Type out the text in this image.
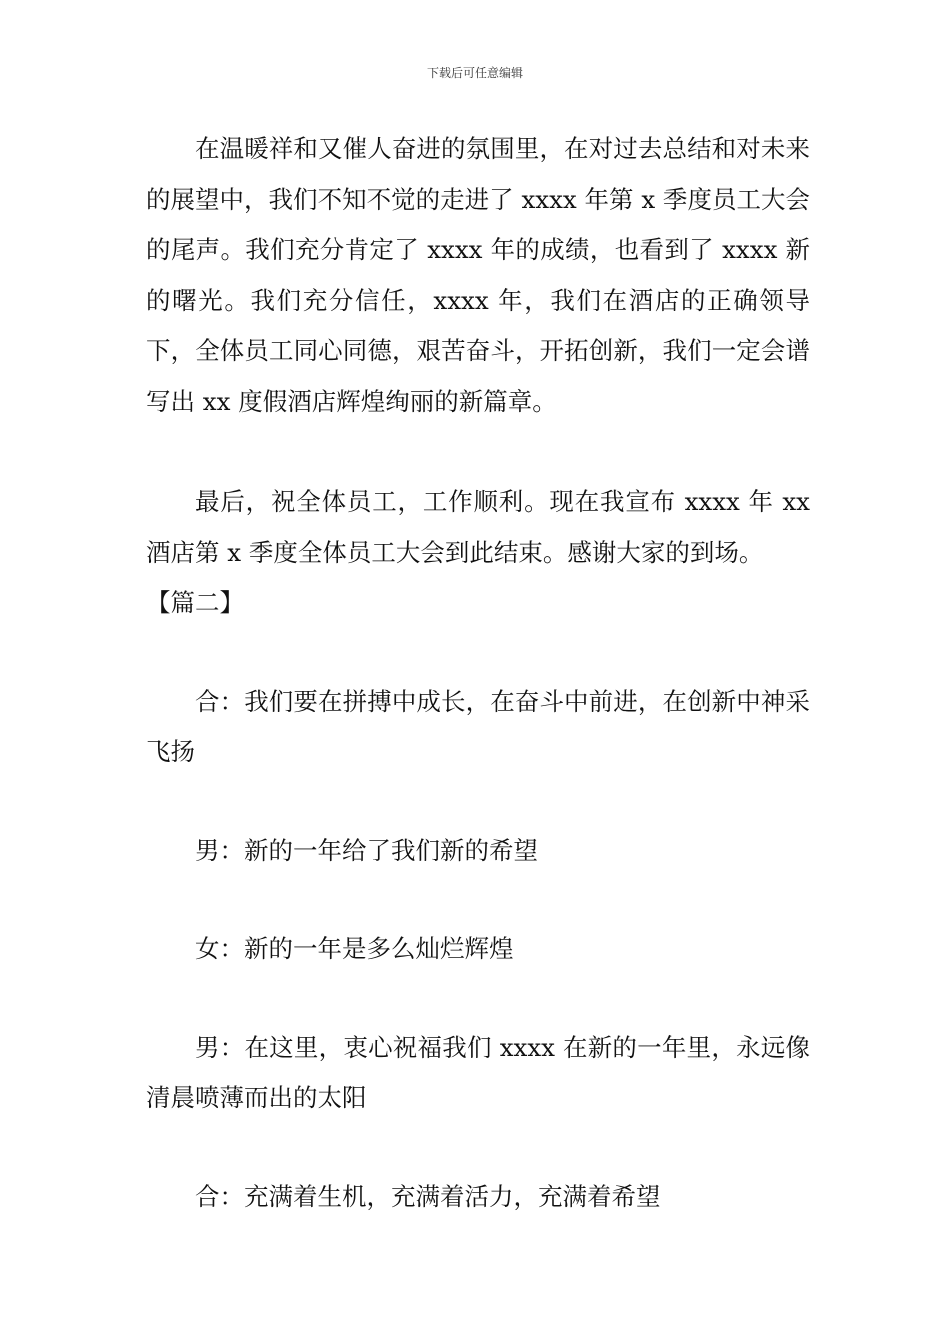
下载后可任意编辑

在温暖祥和又催人奋进的氛围里，在对过去总结和对未来的展望中，我们不知不觉的走进了 xxxx 年第 x 季度员工大会的尾声。我们充分肯定了 xxxx 年的成绩，也看到了 xxxx 新的曙光。我们充分信任，xxxx 年，我们在酒店的正确领导下，全体员工同心同德，艰苦奋斗，开拓创新，我们一定会谱写出 xx 度假酒店辉煌绚丽的新篇章。

最后，祝全体员工，工作顺利。现在我宣布 xxxx 年 xx 酒店第 x 季度全体员工大会到此结束。感谢大家的到场。

【篇二】

合：我们要在拼搏中成长，在奋斗中前进，在创新中神采飞扬

男：新的一年给了我们新的希望

女：新的一年是多么灿烂辉煌

男：在这里，衷心祝福我们 xxxx 在新的一年里，永远像清晨喷薄而出的太阳

合：充满着生机，充满着活力，充满着希望
